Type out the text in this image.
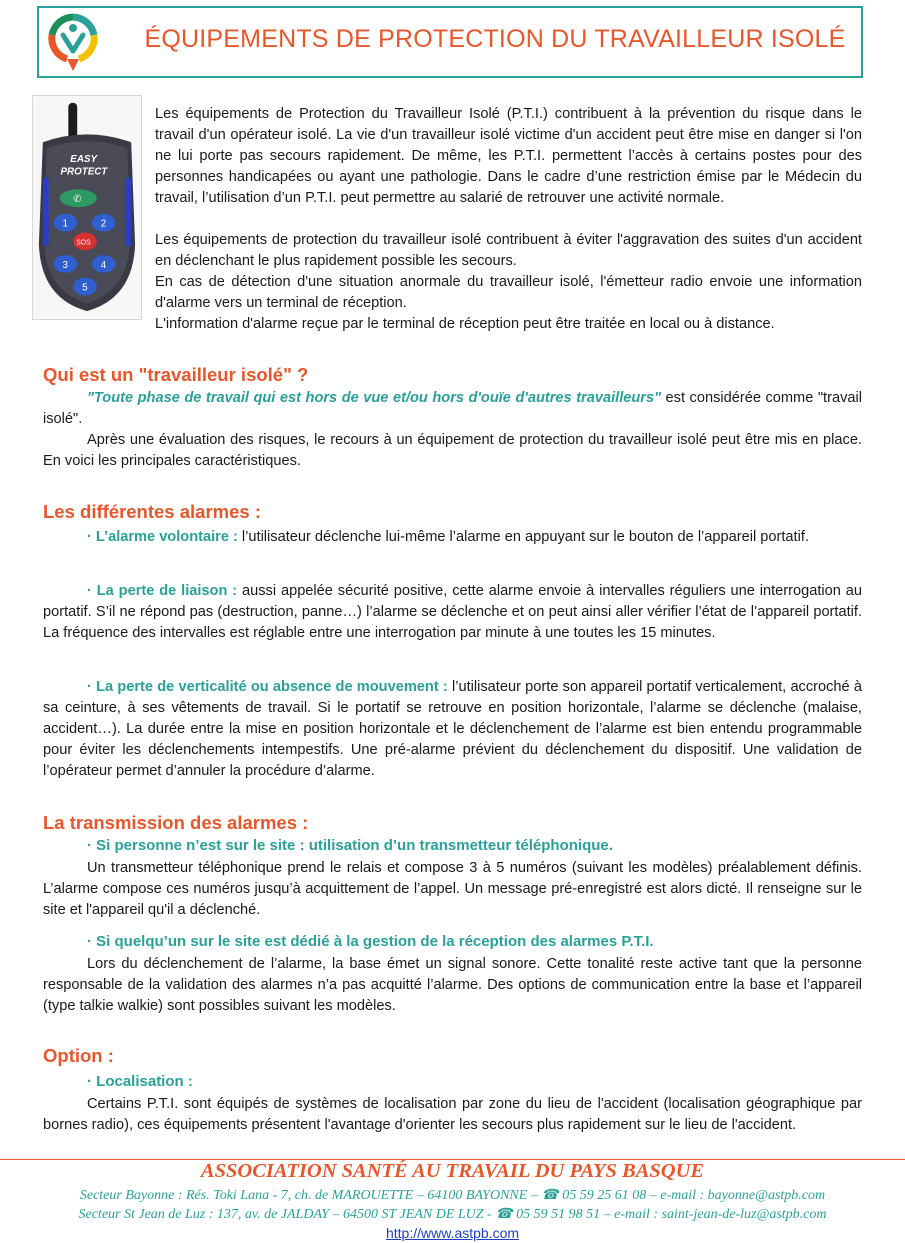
ÉQUIPEMENTS DE PROTECTION DU TRAVAILLEUR ISOLÉ
EASY
PROTECT
✆
1	2
SOS
3	4
5
Les équipements de Protection du Travailleur Isolé (P.T.I.) contribuent à la prévention du risque dans le travail d'un opérateur isolé. La vie d'un travailleur isolé victime d'un accident peut être mise en danger si l'on ne lui porte pas secours rapidement. De même, les P.T.I. permettent l’accès à certains postes pour des personnes handicapées ou ayant une pathologie. Dans le cadre d’une restriction émise par le Médecin du travail, l’utilisation d’un P.T.I. peut permettre au salarié de retrouver une activité normale.
Les équipements de protection du travailleur isolé contribuent à éviter l'aggravation des suites d'un accident en déclenchant le plus rapidement possible les secours.
En cas de détection d'une situation anormale du travailleur isolé, l'émetteur radio envoie une information d'alarme vers un terminal de réception.
L'information d'alarme reçue par le terminal de réception peut être traitée en local ou à distance.
Qui est un "travailleur isolé" ?
"Toute phase de travail qui est hors de vue et/ou hors d'ouïe d'autres travailleurs" est considérée comme "travail isolé".
Après une évaluation des risques, le recours à un équipement de protection du travailleur isolé peut être mis en place. En voici les principales caractéristiques.
Les différentes alarmes :
· L’alarme volontaire : l’utilisateur déclenche lui-même l’alarme en appuyant sur le bouton de l’appareil portatif.
· La perte de liaison : aussi appelée sécurité positive, cette alarme envoie à intervalles réguliers une interrogation au portatif. S’il ne répond pas (destruction, panne…) l’alarme se déclenche et on peut ainsi aller vérifier l’état de l’appareil portatif. La fréquence des intervalles est réglable entre une interrogation par minute à une toutes les 15 minutes.
· La perte de verticalité ou absence de mouvement : l’utilisateur porte son appareil portatif verticalement, accroché à sa ceinture, à ses vêtements de travail. Si le portatif se retrouve en position horizontale, l’alarme se déclenche (malaise, accident…). La durée entre la mise en position horizontale et le déclenchement de l’alarme est bien entendu programmable pour éviter les déclenchements intempestifs. Une pré-alarme prévient du déclenchement du dispositif. Une validation de l’opérateur permet d’annuler la procédure d’alarme.
La transmission des alarmes :
· Si personne n’est sur le site : utilisation d’un transmetteur téléphonique.
Un transmetteur téléphonique prend le relais et compose 3 à 5 numéros (suivant les modèles) préalablement définis. L’alarme compose ces numéros jusqu’à acquittement de l’appel. Un message pré-enregistré est alors dicté. Il renseigne sur le site et l'appareil qu'il a déclenché.
· Si quelqu’un sur le site est dédié à la gestion de la réception des alarmes P.T.I.
Lors du déclenchement de l’alarme, la base émet un signal sonore. Cette tonalité reste active tant que la personne responsable de la validation des alarmes n’a pas acquitté l’alarme. Des options de communication entre la base et l’appareil (type talkie walkie) sont possibles suivant les modèles.
Option :
· Localisation :
Certains P.T.I. sont équipés de systèmes de localisation par zone du lieu de l'accident (localisation géographique par bornes radio), ces équipements présentent l'avantage d'orienter les secours plus rapidement sur le lieu de l'accident.
ASSOCIATION SANTÉ AU TRAVAIL DU PAYS BASQUE
Secteur Bayonne : Rés. Toki Lana - 7, ch. de MAROUETTE – 64100 BAYONNE – ☎ 05 59 25 61 08 – e-mail : bayonne@astpb.com
Secteur St Jean de Luz : 137, av. de JALDAY – 64500 ST JEAN DE LUZ - ☎ 05 59 51 98 51 – e-mail : saint-jean-de-luz@astpb.com
http://www.astpb.com
